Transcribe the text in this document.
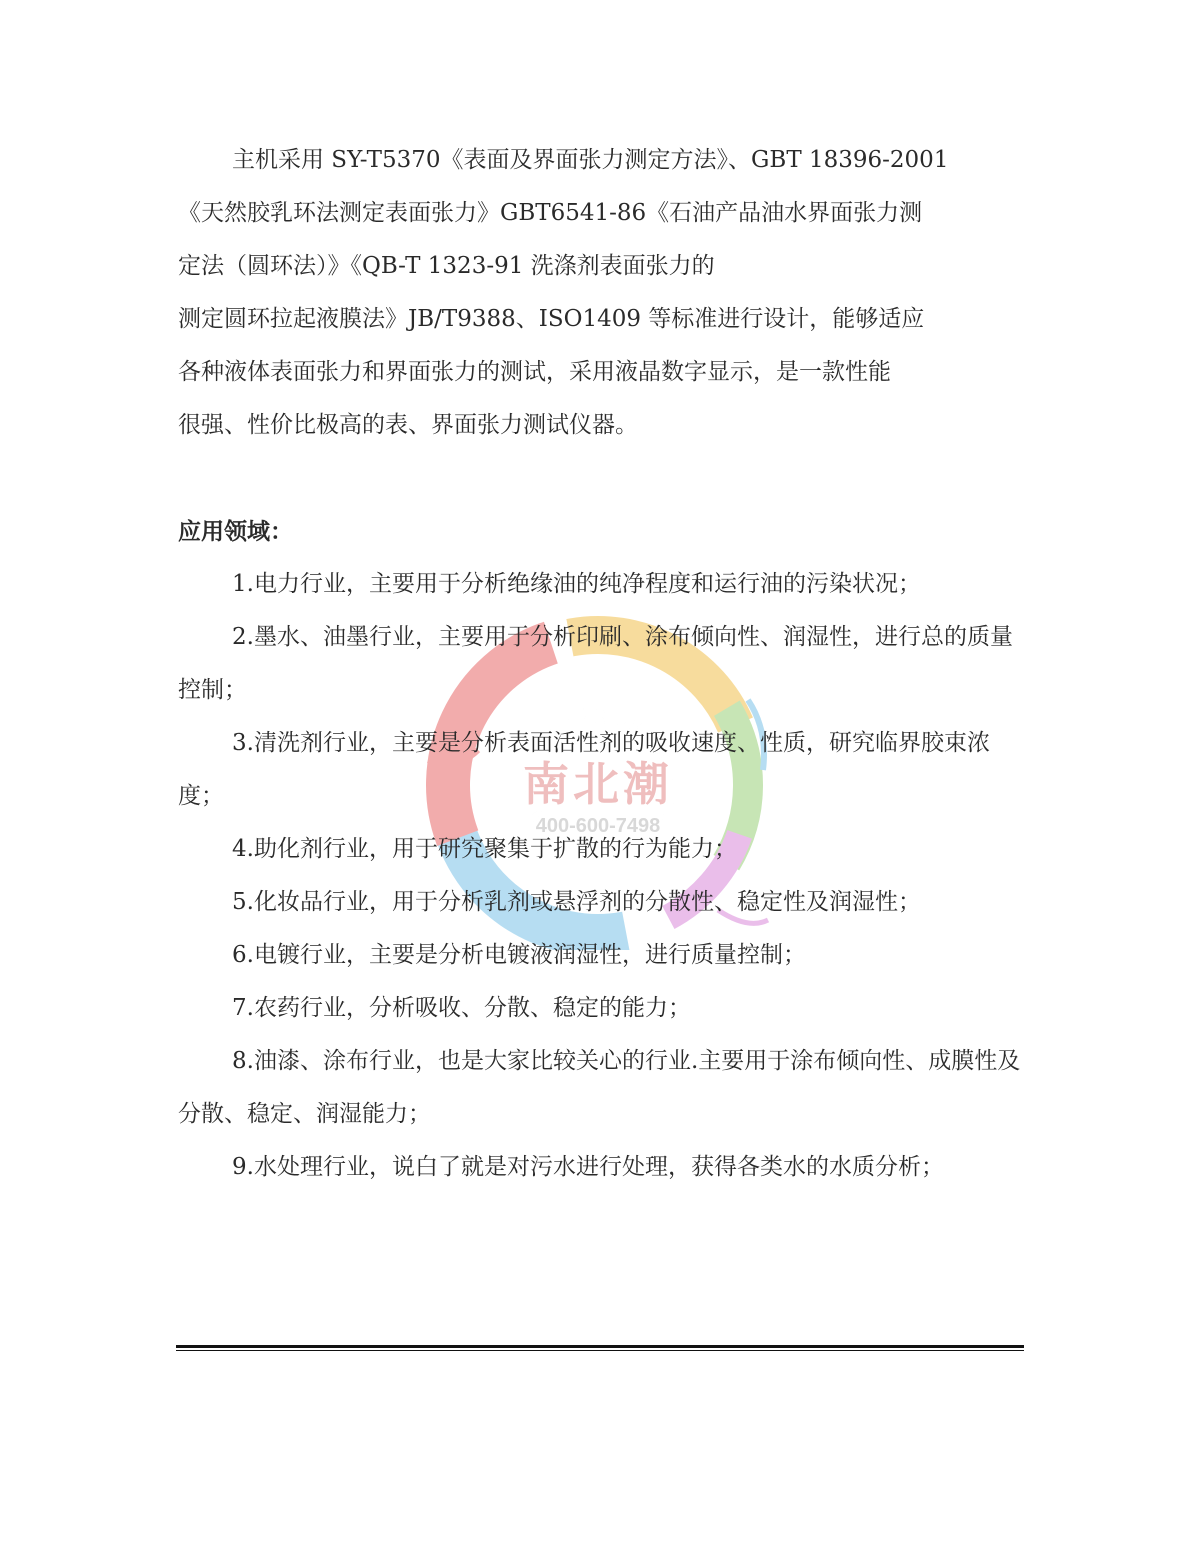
南北潮
400-600-7498

主机采用 SY-T5370《表面及界面张力测定方法》、GBT 18396-2001

《天然胶乳环法测定表面张力》GBT6541-86《石油产品油水界面张力测

定法（圆环法）》《QB-T 1323-91 洗涤剂表面张力的

测定圆环拉起液膜法》JB/T9388、ISO1409 等标准进行设计，能够适应

各种液体表面张力和界面张力的测试，采用液晶数字显示，是一款性能

很强、性价比极高的表、界面张力测试仪器。

应用领域：

1.电力行业，主要用于分析绝缘油的纯净程度和运行油的污染状况；

2.墨水、油墨行业，主要用于分析印刷、涂布倾向性、润湿性，进行总的质量控制；

3.清洗剂行业，主要是分析表面活性剂的吸收速度、性质，研究临界胶束浓度；

4.助化剂行业，用于研究聚集于扩散的行为能力；

5.化妆品行业，用于分析乳剂或悬浮剂的分散性、稳定性及润湿性；

6.电镀行业，主要是分析电镀液润湿性，进行质量控制；

7.农药行业，分析吸收、分散、稳定的能力；

8.油漆、涂布行业，也是大家比较关心的行业.主要用于涂布倾向性、成膜性及分散、稳定、润湿能力；

9.水处理行业，说白了就是对污水进行处理，获得各类水的水质分析；
